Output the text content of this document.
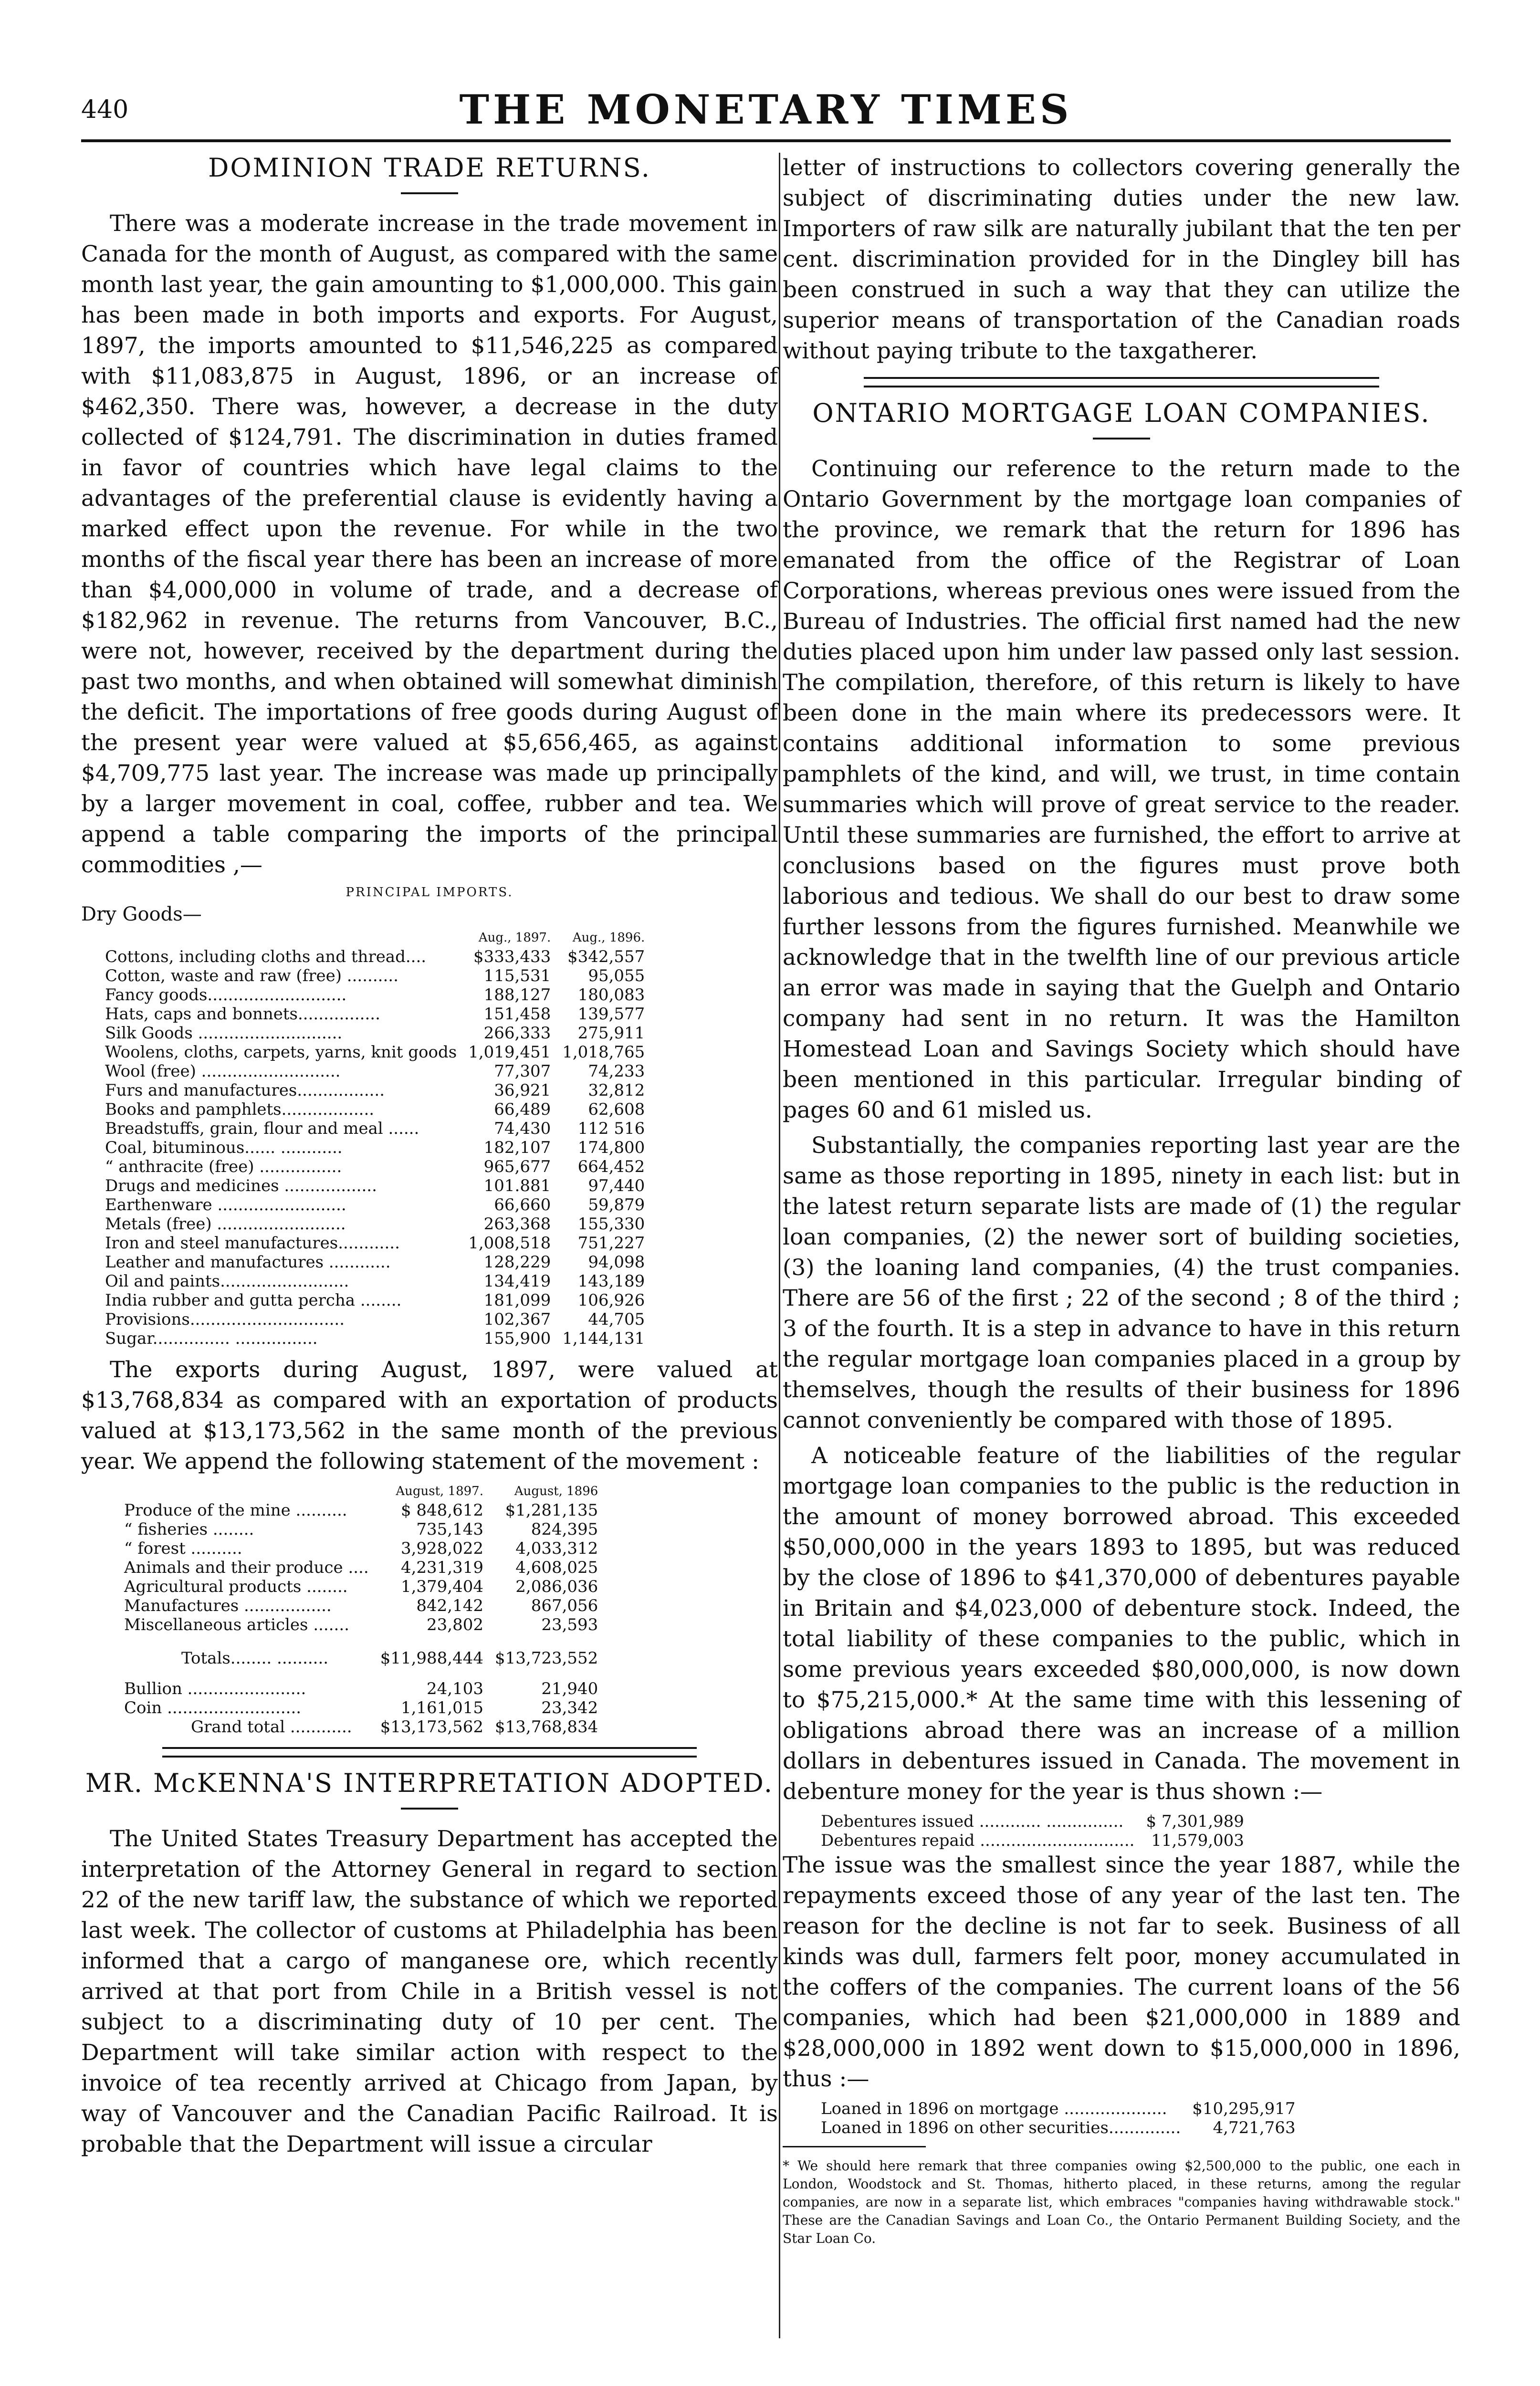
440	THE MONETARY TIMES
DOMINION TRADE RETURNS.

There was a moderate increase in the trade movement in Canada for the month of August, as compared with the same month last year, the gain amounting to $1,000,000. This gain has been made in both imports and exports. For August, 1897, the imports amounted to $11,546,225 as compared with $11,083,875 in August, 1896, or an increase of $462,350. There was, however, a decrease in the duty collected of $124,791. The discrimination in duties framed in favor of countries which have legal claims to the advantages of the preferential clause is evidently having a marked effect upon the revenue. For while in the two months of the fiscal year there has been an increase of more than $4,000,000 in volume of trade, and a decrease of $182,962 in revenue. The returns from Vancouver, B.C., were not, however, received by the department during the past two months, and when obtained will somewhat diminish the deficit. The importations of free goods during August of the present year were valued at $5,656,465, as against $4,709,775 last year. The increase was made up principally by a larger movement in coal, coffee, rubber and tea. We append a table comparing the imports of the principal commodities ,—

PRINCIPAL IMPORTS.
Dry Goods—
	Aug., 1897.	Aug., 1896.
Cottons, including cloths and thread....	$333,433	$342,557
Cotton, waste and raw (free) ..........	115,531	95,055
Fancy goods...........................	188,127	180,083
Hats, caps and bonnets................	151,458	139,577
Silk Goods ............................	266,333	275,911
Woolens, cloths, carpets, yarns, knit goods	1,019,451	1,018,765
Wool (free) ...........................	77,307	74,233
Furs and manufactures.................	36,921	32,812
Books and pamphlets..................	66,489	62,608
Breadstuffs, grain, flour and meal ......	74,430	112 516
Coal, bituminous...... ............	182,107	174,800
“ anthracite (free) ................	965,677	664,452
Drugs and medicines ..................	101.881	97,440
Earthenware .........................	66,660	59,879
Metals (free) .........................	263,368	155,330
Iron and steel manufactures............	1,008,518	751,227
Leather and manufactures ............	128,229	94,098
Oil and paints.........................	134,419	143,189
India rubber and gutta percha ........	181,099	106,926
Provisions..............................	102,367	44,705
Sugar............... ................	155,900	1,144,131

The exports during August, 1897, were valued at $13,768,834 as compared with an exportation of products valued at $13,173,562 in the same month of the previous year. We append the following statement of the movement :

	August, 1897.	August, 1896
Produce of the mine ..........	$ 848,612	$1,281,135
“ fisheries ........	735,143	824,395
“ forest ..........	3,928,022	4,033,312
Animals and their produce ....	4,231,319	4,608,025
Agricultural products ........	1,379,404	2,086,036
Manufactures .................	842,142	867,056
Miscellaneous articles .......	23,802	23,593
Totals........ ..........	$11,988,444	$13,723,552
Bullion .......................	24,103	21,940
Coin ..........................	1,161,015	23,342
Grand total ............	$13,173,562	$13,768,834
MR. McKENNA'S INTERPRETATION ADOPTED.

The United States Treasury Department has accepted the interpretation of the Attorney General in regard to section 22 of the new tariff law, the substance of which we reported last week. The collector of customs at Philadelphia has been informed that a cargo of manganese ore, which recently arrived at that port from Chile in a British vessel is not subject to a discriminating duty of 10 per cent. The Department will take similar action with respect to the invoice of tea recently arrived at Chicago from Japan, by way of Vancouver and the Canadian Pacific Railroad. It is probable that the Department will issue a circular

letter of instructions to collectors covering generally the subject of discriminating duties under the new law. Importers of raw silk are naturally jubilant that the ten per cent. discrimination provided for in the Dingley bill has been construed in such a way that they can utilize the superior means of transportation of the Canadian roads without paying tribute to the taxgatherer.

ONTARIO MORTGAGE LOAN COMPANIES.

Continuing our reference to the return made to the Ontario Government by the mortgage loan companies of the province, we remark that the return for 1896 has emanated from the office of the Registrar of Loan Corporations, whereas previous ones were issued from the Bureau of Industries. The official first named had the new duties placed upon him under law passed only last session. The compilation, therefore, of this return is likely to have been done in the main where its predecessors were. It contains additional information to some previous pamphlets of the kind, and will, we trust, in time contain summaries which will prove of great service to the reader. Until these summaries are furnished, the effort to arrive at conclusions based on the figures must prove both laborious and tedious. We shall do our best to draw some further lessons from the figures furnished. Meanwhile we acknowledge that in the twelfth line of our previous article an error was made in saying that the Guelph and Ontario company had sent in no return. It was the Hamilton Homestead Loan and Savings Society which should have been mentioned in this particular. Irregular binding of pages 60 and 61 misled us.

Substantially, the companies reporting last year are the same as those reporting in 1895, ninety in each list: but in the latest return separate lists are made of (1) the regular loan companies, (2) the newer sort of building societies, (3) the loaning land companies, (4) the trust companies. There are 56 of the first ; 22 of the second ; 8 of the third ; 3 of the fourth. It is a step in advance to have in this return the regular mortgage loan companies placed in a group by themselves, though the results of their business for 1896 cannot conveniently be compared with those of 1895.

A noticeable feature of the liabilities of the regular mortgage loan companies to the public is the reduction in the amount of money borrowed abroad. This exceeded $50,000,000 in the years 1893 to 1895, but was reduced by the close of 1896 to $41,370,000 of debentures payable in Britain and $4,023,000 of debenture stock. Indeed, the total liability of these companies to the public, which in some previous years exceeded $80,000,000, is now down to $75,215,000.* At the same time with this lessening of obligations abroad there was an increase of a million dollars in debentures issued in Canada. The movement in debenture money for the year is thus shown :—

Debentures issued ............ ...............	$ 7,301,989
Debentures repaid ..............................	11,579,003

The issue was the smallest since the year 1887, while the repayments exceed those of any year of the last ten. The reason for the decline is not far to seek. Business of all kinds was dull, farmers felt poor, money accumulated in the coffers of the companies. The current loans of the 56 companies, which had been $21,000,000 in 1889 and $28,000,000 in 1892 went down to $15,000,000 in 1896, thus :—

Loaned in 1896 on mortgage ....................	$10,295,917
Loaned in 1896 on other securities..............	4,721,763
* We should here remark that three companies owing $2,500,000 to the public, one each in London, Woodstock and St. Thomas, hitherto placed, in these returns, among the regular companies, are now in a separate list, which embraces "companies having withdrawable stock." These are the Canadian Savings and Loan Co., the Ontario Permanent Building Society, and the Star Loan Co.
